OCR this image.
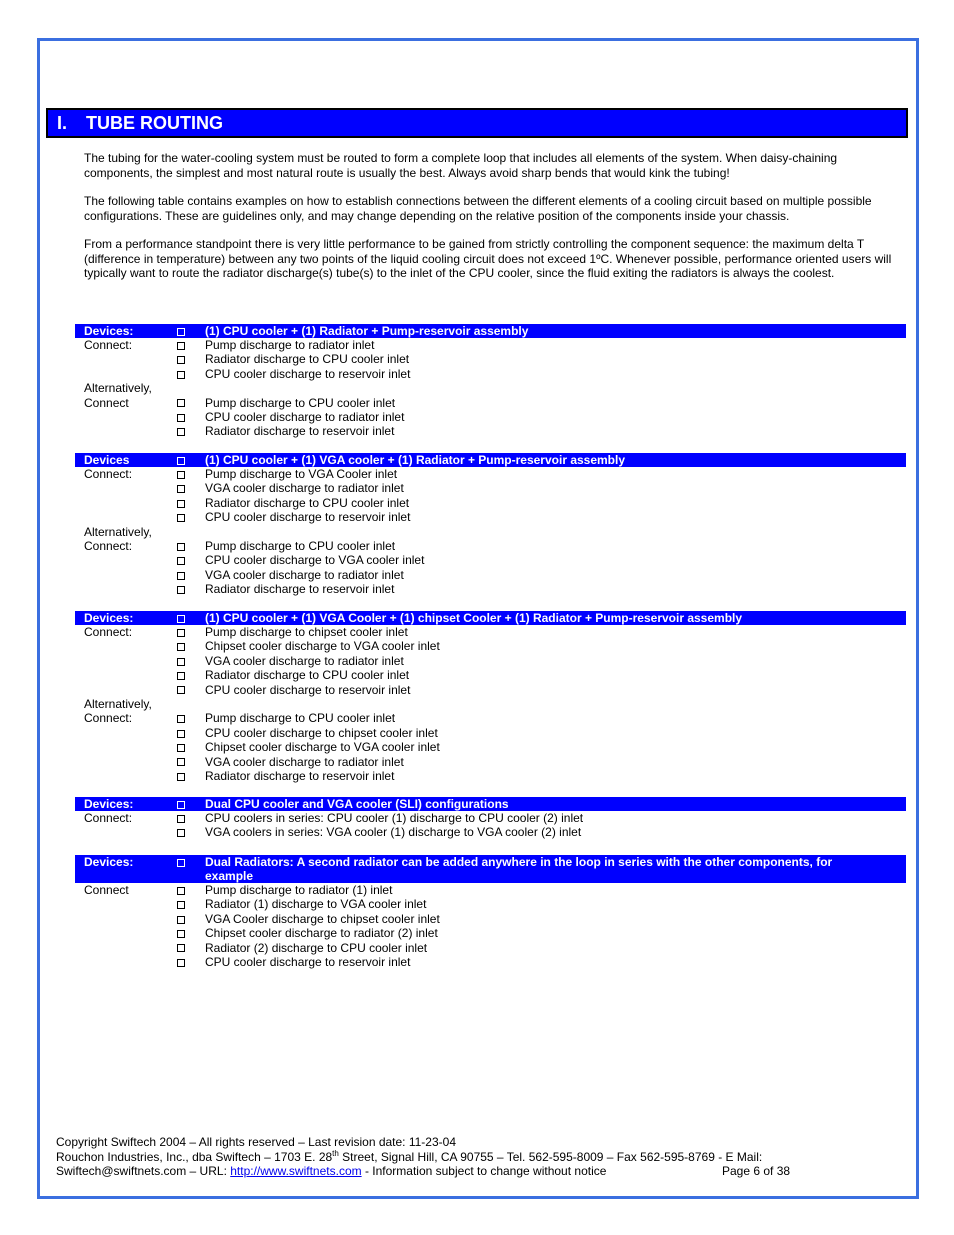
I. TUBE ROUTING

The tubing for the water-cooling system must be routed to form a complete loop that includes all elements of the system. When daisy-chaining components, the simplest and most natural route is usually the best. Always avoid sharp bends that would kink the tubing!

The following table contains examples on how to establish connections between the different elements of a cooling circuit based on multiple possible configurations. These are guidelines only, and may change depending on the relative position of the components inside your chassis.

From a performance standpoint there is very little performance to be gained from strictly controlling the component sequence: the maximum delta T (difference in temperature) between any two points of the liquid cooling circuit does not exceed 1ºC. Whenever possible, performance oriented users will typically want to route the radiator discharge(s) tube(s) to the inlet of the CPU cooler, since the fluid exiting the radiators is always the coolest.

Devices:	(1) CPU cooler + (1) Radiator + Pump-reservoir assembly
Connect:	Pump discharge to radiator inlet
Radiator discharge to CPU cooler inlet
CPU cooler discharge to reservoir inlet
Alternatively,
Connect	Pump discharge to CPU cooler inlet
CPU cooler discharge to radiator inlet
Radiator discharge to reservoir inlet
Devices	(1) CPU cooler + (1) VGA cooler + (1) Radiator + Pump-reservoir assembly
Connect:	Pump discharge to VGA Cooler inlet
VGA cooler discharge to radiator inlet
Radiator discharge to CPU cooler inlet
CPU cooler discharge to reservoir inlet
Alternatively,
Connect:	Pump discharge to CPU cooler inlet
CPU cooler discharge to VGA cooler inlet
VGA cooler discharge to radiator inlet
Radiator discharge to reservoir inlet
Devices:	(1) CPU cooler + (1) VGA Cooler + (1) chipset Cooler + (1) Radiator + Pump-reservoir assembly
Connect:	Pump discharge to chipset cooler inlet
Chipset cooler discharge to VGA cooler inlet
VGA cooler discharge to radiator inlet
Radiator discharge to CPU cooler inlet
CPU cooler discharge to reservoir inlet
Alternatively,
Connect:	Pump discharge to CPU cooler inlet
CPU cooler discharge to chipset cooler inlet
Chipset cooler discharge to VGA cooler inlet
VGA cooler discharge to radiator inlet
Radiator discharge to reservoir inlet
Devices:	Dual CPU cooler and VGA cooler (SLI) configurations
Connect:	CPU coolers in series: CPU cooler (1) discharge to CPU cooler (2) inlet
VGA coolers in series: VGA cooler (1) discharge to VGA cooler (2) inlet
Devices:	Dual Radiators: A second radiator can be added anywhere in the loop in series with the other components, for example
Connect	Pump discharge to radiator (1) inlet
Radiator (1) discharge to VGA cooler inlet
VGA Cooler discharge to chipset cooler inlet
Chipset cooler discharge to radiator (2) inlet
Radiator (2) discharge to CPU cooler inlet
CPU cooler discharge to reservoir inlet
Copyright Swiftech 2004 – All rights reserved – Last revision date: 11-23-04
Rouchon Industries, Inc., dba Swiftech – 1703 E. 28th Street, Signal Hill, CA 90755 – Tel. 562-595-8009 – Fax 562-595-8769 - E Mail:
Swiftech@swiftnets.com – URL: http://www.swiftnets.com - Information subject to change without notice	Page 6 of 38
